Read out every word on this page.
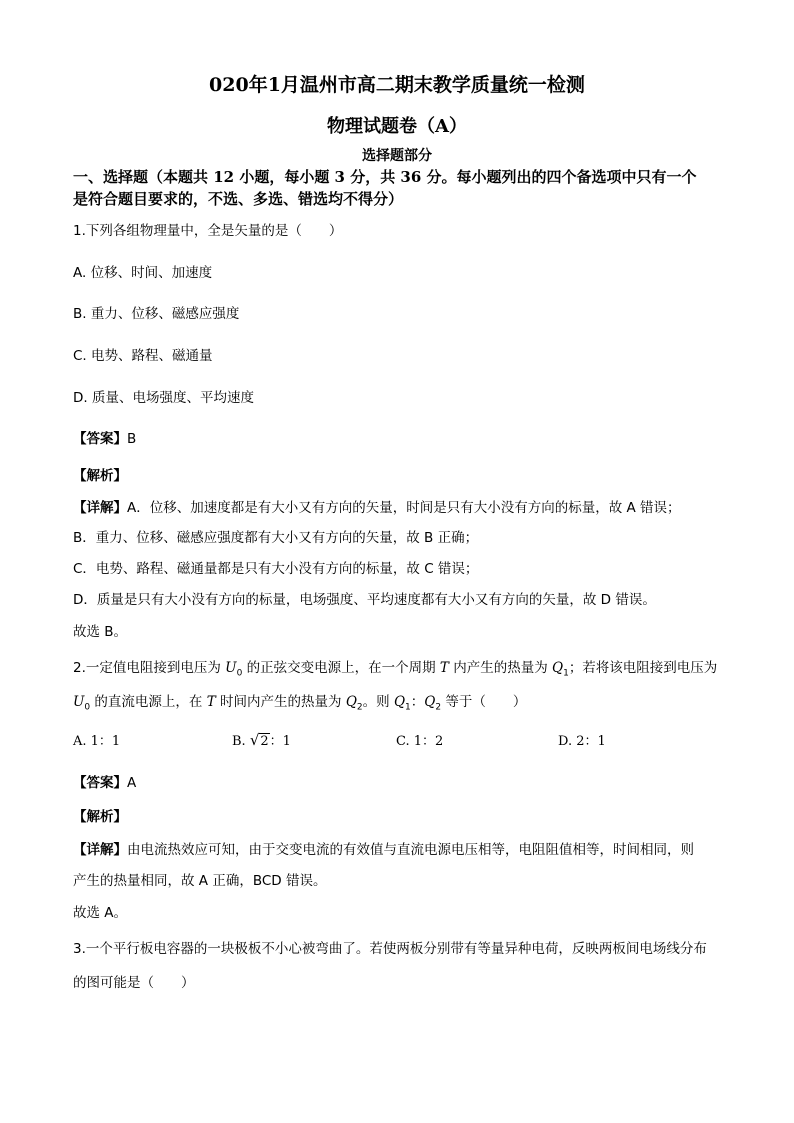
020年1月温州市高二期末教学质量统一检测
物理试题卷（A）
选择题部分
一、选择题（本题共 12 小题，每小题 3 分，共 36 分。每小题列出的四个备选项中只有一个
是符合题目要求的，不选、多选、错选均不得分）
1.下列各组物理量中，全是矢量的是（　　）
A. 位移、时间、加速度
B. 重力、位移、磁感应强度
C. 电势、路程、磁通量
D. 质量、电场强度、平均速度
【答案】B
【解析】
【详解】A．位移、加速度都是有大小又有方向的矢量，时间是只有大小没有方向的标量，故 A 错误；
B．重力、位移、磁感应强度都有大小又有方向的矢量，故 B 正确；
C．电势、路程、磁通量都是只有大小没有方向的标量，故 C 错误；
D．质量是只有大小没有方向的标量，电场强度、平均速度都有大小又有方向的矢量，故 D 错误。
故选 B。
2.一定值电阻接到电压为 $U_0$ 的正弦交变电源上，在一个周期 T 内产生的热量为 $Q_1$；若将该电阻接到电压为
$U_0$ 的直流电源上，在 T 时间内产生的热量为 $Q_2$。则 $Q_1$：$Q_2$ 等于（　　）
A. 1：1	B. √2：1	C. 1：2	D. 2：1
【答案】A
【解析】
【详解】由电流热效应可知，由于交变电流的有效值与直流电源电压相等，电阻阻值相等，时间相同，则
产生的热量相同，故 A 正确，BCD 错误。
故选 A。
3.一个平行板电容器的一块极板不小心被弯曲了。若使两板分别带有等量异种电荷，反映两板间电场线分布
的图可能是（　　）
